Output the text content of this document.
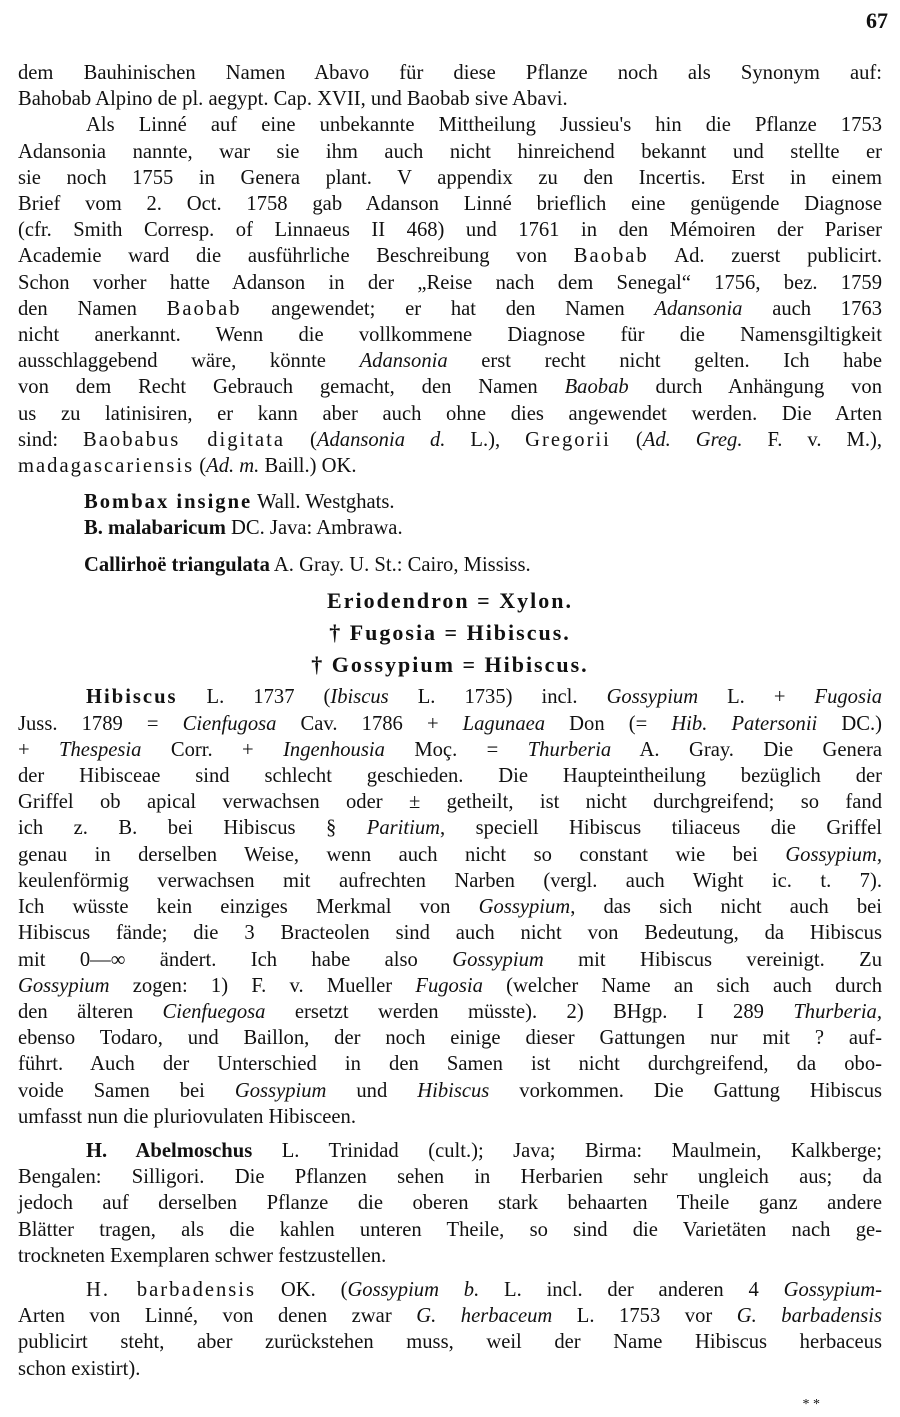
67
dem Bauhinischen Namen Abavo für diese Pflanze noch als Synonym auf:
Bahobab Alpino de pl. aegypt. Cap. XVII, und Baobab sive Abavi.
Als Linné auf eine unbekannte Mittheilung Jussieu's hin die Pflanze 1753
Adansonia nannte, war sie ihm auch nicht hinreichend bekannt und stellte er
sie noch 1755 in Genera plant. V appendix zu den Incertis. Erst in einem
Brief vom 2. Oct. 1758 gab Adanson Linné brieflich eine genügende Diagnose
(cfr. Smith Corresp. of Linnaeus II 468) und 1761 in den Mémoiren der Pariser
Academie ward die ausführliche Beschreibung von Baobab Ad. zuerst publicirt.
Schon vorher hatte Adanson in der „Reise nach dem Senegal“ 1756, bez. 1759
den Namen Baobab angewendet; er hat den Namen Adansonia auch 1763
nicht anerkannt. Wenn die vollkommene Diagnose für die Namensgiltigkeit
ausschlaggebend wäre, könnte Adansonia erst recht nicht gelten. Ich habe
von dem Recht Gebrauch gemacht, den Namen Baobab durch Anhängung von
us zu latinisiren, er kann aber auch ohne dies angewendet werden. Die Arten
sind: Baobabus digitata (Adansonia d. L.), Gregorii (Ad. Greg. F. v. M.),
madagascariensis (Ad. m. Baill.) OK.
Bombax insigne Wall. Westghats.
B. malabaricum DC. Java: Ambrawa.
Callirhoë triangulata A. Gray. U. St.: Cairo, Mississ.
Eriodendron = Xylon.
† Fugosia = Hibiscus.
† Gossypium = Hibiscus.
Hibiscus L. 1737 (Ibiscus L. 1735) incl. Gossypium L. + Fugosia
Juss. 1789 = Cienfugosa Cav. 1786 + Lagunaea Don (= Hib. Patersonii DC.)
+ Thespesia Corr. + Ingenhousia Moç. = Thurberia A. Gray. Die Genera
der Hibisceae sind schlecht geschieden. Die Haupteintheilung bezüglich der
Griffel ob apical verwachsen oder ± getheilt, ist nicht durchgreifend; so fand
ich z. B. bei Hibiscus § Paritium, speciell Hibiscus tiliaceus die Griffel
genau in derselben Weise, wenn auch nicht so constant wie bei Gossypium,
keulenförmig verwachsen mit aufrechten Narben (vergl. auch Wight ic. t. 7).
Ich wüsste kein einziges Merkmal von Gossypium, das sich nicht auch bei
Hibiscus fände; die 3 Bracteolen sind auch nicht von Bedeutung, da Hibiscus
mit 0—∞ ändert. Ich habe also Gossypium mit Hibiscus vereinigt. Zu
Gossypium zogen: 1) F. v. Mueller Fugosia (welcher Name an sich auch durch
den älteren Cienfuegosa ersetzt werden müsste). 2) BHgp. I 289 Thurberia,
ebenso Todaro, und Baillon, der noch einige dieser Gattungen nur mit ? auf-
führt. Auch der Unterschied in den Samen ist nicht durchgreifend, da obo-
voide Samen bei Gossypium und Hibiscus vorkommen. Die Gattung Hibiscus
umfasst nun die pluriovulaten Hibisceen.
H. Abelmoschus L. Trinidad (cult.); Java; Birma: Maulmein, Kalkberge;
Bengalen: Silligori. Die Pflanzen sehen in Herbarien sehr ungleich aus; da
jedoch auf derselben Pflanze die oberen stark behaarten Theile ganz andere
Blätter tragen, als die kahlen unteren Theile, so sind die Varietäten nach ge-
trockneten Exemplaren schwer festzustellen.
H. barbadensis OK. (Gossypium b. L. incl. der anderen 4 Gossypium-
Arten von Linné, von denen zwar G. herbaceum L. 1753 vor G. barbadensis
publicirt steht, aber zurückstehen muss, weil der Name Hibiscus herbaceus
schon existirt).
* *
